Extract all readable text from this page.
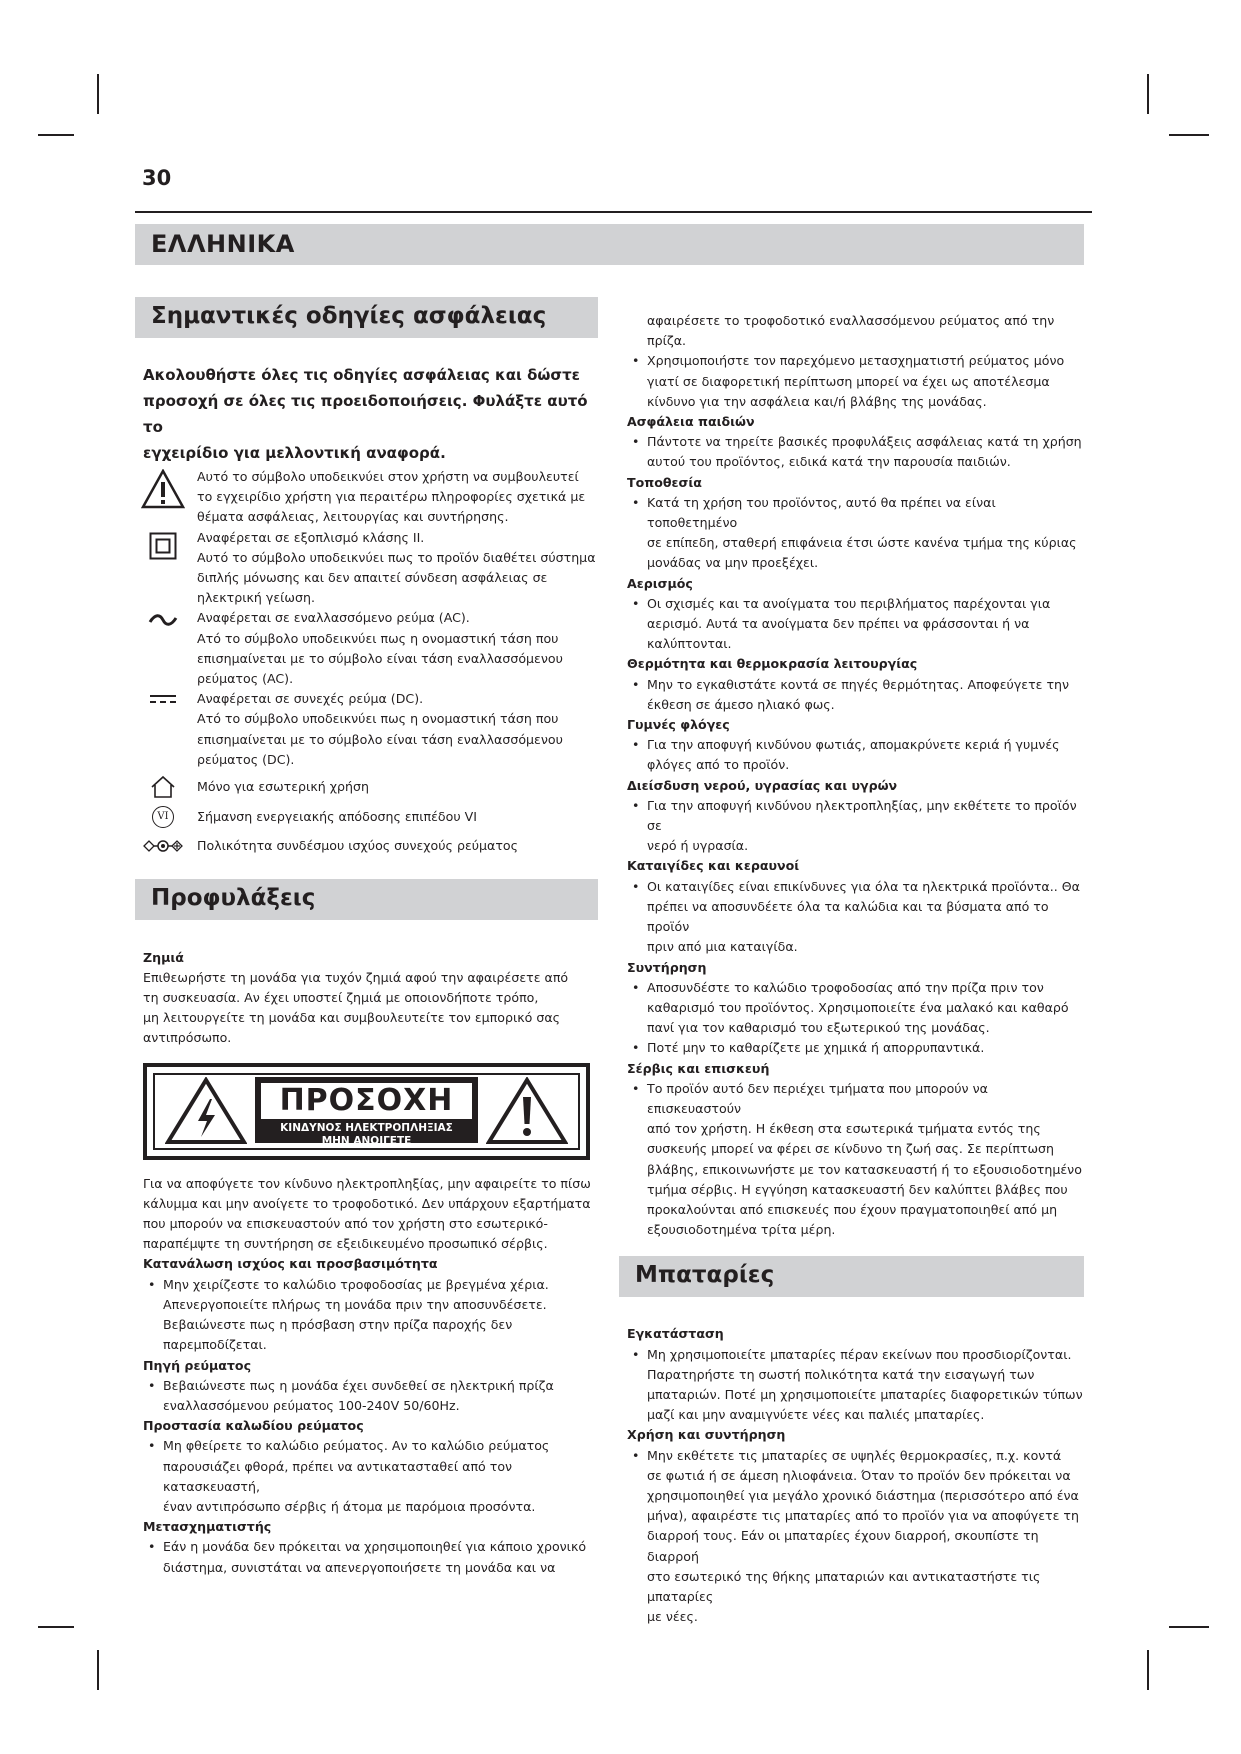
30
ΕΛΛΗΝΙΚΑ
Σημαντικές οδηγίες ασφάλειας
Ακολουθήστε όλες τις οδηγίες ασφάλειας και δώστε
προσοχή σε όλες τις προειδοποιήσεις. Φυλάξτε αυτό το
εγχειρίδιο για μελλοντική αναφορά.
Αυτό το σύμβολο υποδεικνύει στον χρήστη να συμβουλευτεί
το εγχειρίδιο χρήστη για περαιτέρω πληροφορίες σχετικά με
θέματα ασφάλειας, λειτουργίας και συντήρησης.
Αναφέρεται σε εξοπλισμό κλάσης ΙΙ.
Αυτό το σύμβολο υποδεικνύει πως το προϊόν διαθέτει σύστημα
διπλής μόνωσης και δεν απαιτεί σύνδεση ασφάλειας σε
ηλεκτρική γείωση.
Αναφέρεται σε εναλλασσόμενο ρεύμα (AC).
Ατό το σύμβολο υποδεικνύει πως η ονομαστική τάση που
επισημαίνεται με το σύμβολο είναι τάση εναλλασσόμενου
ρεύματος (AC).
Αναφέρεται σε συνεχές ρεύμα (DC).
Ατό το σύμβολο υποδεικνύει πως η ονομαστική τάση που
επισημαίνεται με το σύμβολο είναι τάση εναλλασσόμενου
ρεύματος (DC).
Μόνο για εσωτερική χρήση
VI	Σήμανση ενεργειακής απόδοσης επιπέδου VI
Πολικότητα συνδέσμου ισχύος συνεχούς ρεύματος
Προφυλάξεις
Ζημιά
Επιθεωρήστε τη μονάδα για τυχόν ζημιά αφού την αφαιρέσετε από
τη συσκευασία. Αν έχει υποστεί ζημιά με οποιονδήποτε τρόπο,
μη λειτουργείτε τη μονάδα και συμβουλευτείτε τον εμπορικό σας
αντιπρόσωπο.
ΠΡΟΣΟΧΗ
ΚΙΝΔΥΝΟΣ ΗΛΕΚΤΡΟΠΛΗΞΙΑΣ
ΜΗΝ ΑΝΟΙΓΕΤΕ
Για να αποφύγετε τον κίνδυνο ηλεκτροπληξίας, μην αφαιρείτε το πίσω
κάλυμμα και μην ανοίγετε το τροφοδοτικό. Δεν υπάρχουν εξαρτήματα
που μπορούν να επισκευαστούν από τον χρήστη στο εσωτερικό-
παραπέμψτε τη συντήρηση σε εξειδικευμένο προσωπικό σέρβις.
Κατανάλωση ισχύος και προσβασιμότητα
• Μην χειρίζεστε το καλώδιο τροφοδοσίας με βρεγμένα χέρια.
Απενεργοποιείτε πλήρως τη μονάδα πριν την αποσυνδέσετε.
Βεβαιώνεστε πως η πρόσβαση στην πρίζα παροχής δεν
παρεμποδίζεται.
Πηγή ρεύματος
• Βεβαιώνεστε πως η μονάδα έχει συνδεθεί σε ηλεκτρική πρίζα
εναλλασσόμενου ρεύματος 100-240V 50/60Hz.
Προστασία καλωδίου ρεύματος
• Μη φθείρετε το καλώδιο ρεύματος. Αν το καλώδιο ρεύματος
παρουσιάζει φθορά, πρέπει να αντικατασταθεί από τον κατασκευαστή,
έναν αντιπρόσωπο σέρβις ή άτομα με παρόμοια προσόντα.
Μετασχηματιστής
• Εάν η μονάδα δεν πρόκειται να χρησιμοποιηθεί για κάποιο χρονικό
διάστημα, συνιστάται να απενεργοποιήσετε τη μονάδα και να
αφαιρέσετε το τροφοδοτικό εναλλασσόμενου ρεύματος από την
πρίζα.
• Χρησιμοποιήστε τον παρεχόμενο μετασχηματιστή ρεύματος μόνο
γιατί σε διαφορετική περίπτωση μπορεί να έχει ως αποτέλεσμα
κίνδυνο για την ασφάλεια και/ή βλάβης της μονάδας.
Ασφάλεια παιδιών
• Πάντοτε να τηρείτε βασικές προφυλάξεις ασφάλειας κατά τη χρήση
αυτού του προϊόντος, ειδικά κατά την παρουσία παιδιών.
Τοποθεσία
• Κατά τη χρήση του προϊόντος, αυτό θα πρέπει να είναι τοποθετημένο
σε επίπεδη, σταθερή επιφάνεια έτσι ώστε κανένα τμήμα της κύριας
μονάδας να μην προεξέχει.
Αερισμός
• Οι σχισμές και τα ανοίγματα του περιβλήματος παρέχονται για
αερισμό. Αυτά τα ανοίγματα δεν πρέπει να φράσσονται ή να
καλύπτονται.
Θερμότητα και θερμοκρασία λειτουργίας
• Μην το εγκαθιστάτε κοντά σε πηγές θερμότητας. Αποφεύγετε την
έκθεση σε άμεσο ηλιακό φως.
Γυμνές φλόγες
• Για την αποφυγή κινδύνου φωτιάς, απομακρύνετε κεριά ή γυμνές
φλόγες από το προϊόν.
Διείσδυση νερού, υγρασίας και υγρών
• Για την αποφυγή κινδύνου ηλεκτροπληξίας, μην εκθέτετε το προϊόν σε
νερό ή υγρασία.
Καταιγίδες και κεραυνοί
• Οι καταιγίδες είναι επικίνδυνες για όλα τα ηλεκτρικά προϊόντα.. Θα
πρέπει να αποσυνδέετε όλα τα καλώδια και τα βύσματα από το προϊόν
πριν από μια καταιγίδα.
Συντήρηση
• Αποσυνδέστε το καλώδιο τροφοδοσίας από την πρίζα πριν τον
καθαρισμό του προϊόντος. Χρησιμοποιείτε ένα μαλακό και καθαρό
πανί για τον καθαρισμό του εξωτερικού της μονάδας.
• Ποτέ μην το καθαρίζετε με χημικά ή απορρυπαντικά.
Σέρβις και επισκευή
• Το προϊόν αυτό δεν περιέχει τμήματα που μπορούν να επισκευαστούν
από τον χρήστη. Η έκθεση στα εσωτερικά τμήματα εντός της
συσκευής μπορεί να φέρει σε κίνδυνο τη ζωή σας. Σε περίπτωση
βλάβης, επικοινωνήστε με τον κατασκευαστή ή το εξουσιοδοτημένο
τμήμα σέρβις. Η εγγύηση κατασκευαστή δεν καλύπτει βλάβες που
προκαλούνται από επισκευές που έχουν πραγματοποιηθεί από μη
εξουσιοδοτημένα τρίτα μέρη.
Μπαταρίες
Εγκατάσταση
• Μη χρησιμοποιείτε μπαταρίες πέραν εκείνων που προσδιορίζονται.
Παρατηρήστε τη σωστή πολικότητα κατά την εισαγωγή των
μπαταριών. Ποτέ μη χρησιμοποιείτε μπαταρίες διαφορετικών τύπων
μαζί και μην αναμιγνύετε νέες και παλιές μπαταρίες.
Χρήση και συντήρηση
• Μην εκθέτετε τις μπαταρίες σε υψηλές θερμοκρασίες, π.χ. κοντά
σε φωτιά ή σε άμεση ηλιοφάνεια. Όταν το προϊόν δεν πρόκειται να
χρησιμοποιηθεί για μεγάλο χρονικό διάστημα (περισσότερο από ένα
μήνα), αφαιρέστε τις μπαταρίες από το προϊόν για να αποφύγετε τη
διαρροή τους. Εάν οι μπαταρίες έχουν διαρροή, σκουπίστε τη διαρροή
στο εσωτερικό της θήκης μπαταριών και αντικαταστήστε τις μπαταρίες
με νέες.
